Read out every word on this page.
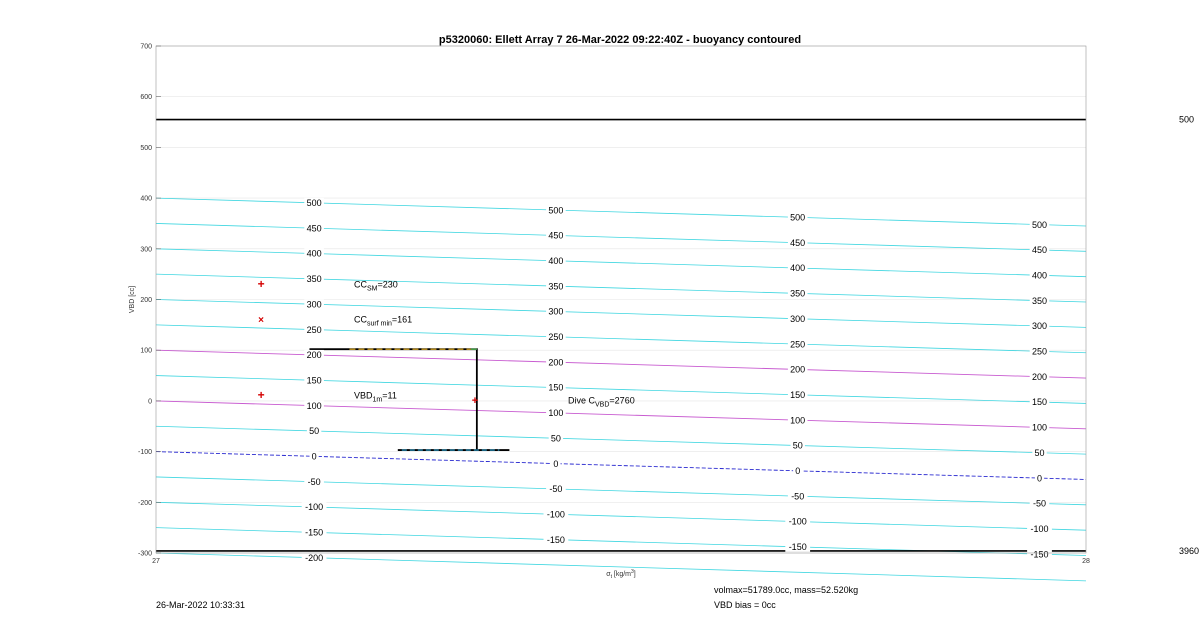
p5320060: Ellett Array 7 26-Mar-2022 09:22:40Z - buoyancy contoured
500
3960
500
450
400
350
300
250
200
150
100
50
0
-50
-100
-150
-200
500
450
400
350
300
250
200
150
100
50
0
-50
-100
-150
500
450
400
350
300
250
200
150
100
50
0
-50
-100
-150
500
450
400
350
300
250
200
150
100
50
0
-50
-100
-150
+	$CC_{SM}=230$
×	$CC_{surf min}=161$
+	$VBD_{1m}=11$	+	Dive $C_{VBD}=2760$
-300
-200
-100
0
100
200
300
400
500
600
700
27	28
VBD [cc]
$\sigma_t$ $[kg/m^3]$
volmax=51789.0cc, mass=52.520kg
VBD bias = 0cc
26-Mar-2022 10:33:31
